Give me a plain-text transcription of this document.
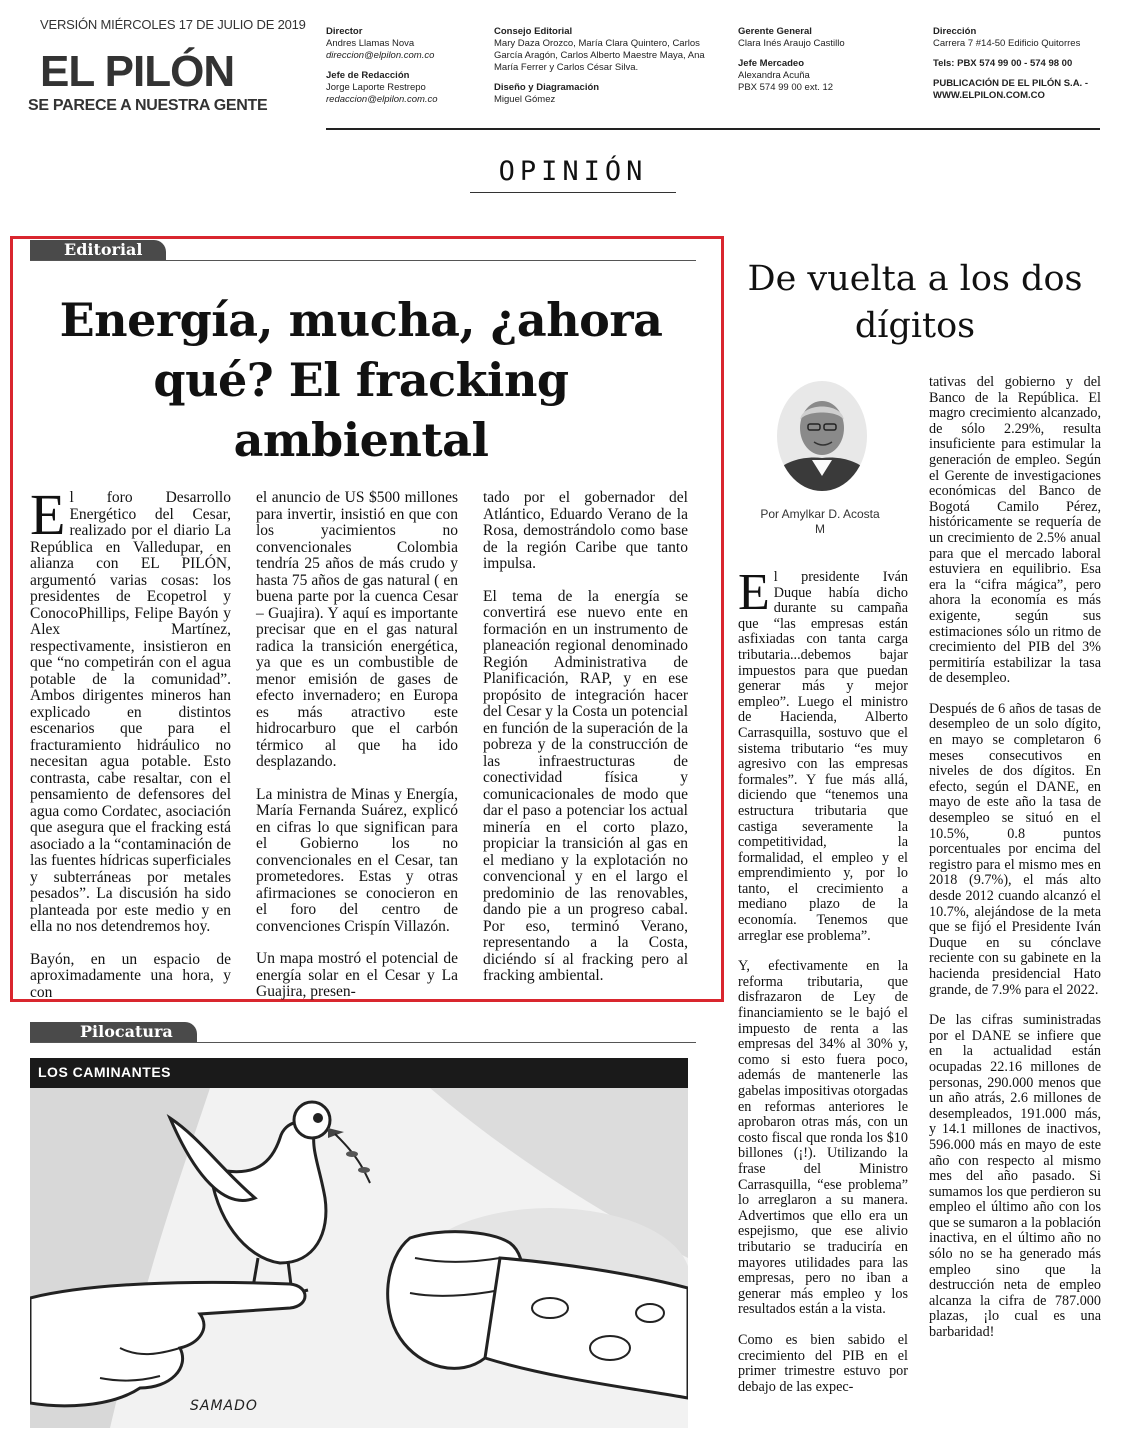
VERSIÓN MIÉRCOLES 17 DE JULIO DE 2019
EL PILÓN
SE PARECE A NUESTRA GENTE
Director
Andres Llamas Nova
direccion@elpilon.com.co
Jefe de Redacción
Jorge Laporte Restrepo
redaccion@elpilon.com.co
Consejo Editorial
Mary Daza Orozco, María Clara Quintero, Carlos García Aragón, Carlos Alberto Maestre Maya, Ana María Ferrer y Carlos César Silva.
Diseño y Diagramación
Miguel Gómez
Gerente General
Clara Inés Araujo Castillo
Jefe Mercadeo
Alexandra Acuña
PBX 574 99 00 ext. 12
Dirección
Carrera 7 #14-50 Edificio Quitorres
Tels: PBX 574 99 00 - 574 98 00
PUBLICACIÓN DE EL PILÓN S.A. - WWW.ELPILON.COM.CO
OPINIÓN
Editorial
Energía, mucha, ¿ahora qué? El fracking ambiental

El foro Desarrollo Energético del Cesar, realizado por el diario La República en Valledupar, en alianza con EL PILÓN, argumentó varias cosas: los presidentes de Ecopetrol y ConocoPhillips, Felipe Bayón y Alex Martínez, respectivamente, insistieron en que “no competirán con el agua potable de la comunidad”. Ambos dirigentes mineros han explicado en distintos escenarios que para el fracturamiento hidráulico no necesitan agua potable. Esto contrasta, cabe resaltar, con el pensamiento de defensores del agua como Cordatec, asociación que asegura que el fracking está asociado a la “contaminación de las fuentes hídricas superficiales y subterráneas por metales pesados”. La discusión ha sido planteada por este medio y en ella no nos detendremos hoy.

Bayón, en un espacio de aproximadamente una hora, y con

el anuncio de US $500 millones para invertir, insistió en que con los yacimientos no convencionales Colombia tendría 25 años de más crudo y hasta 75 años de gas natural ( en buena parte por la cuenca Cesar – Guajira). Y aquí es importante precisar que en el gas natural radica la transición energética, ya que es un combustible de menor emisión de gases de efecto invernadero; en Europa es más atractivo este hidrocarburo que el carbón térmico al que ha ido desplazando.

La ministra de Minas y Energía, María Fernanda Suárez, explicó en cifras lo que significan para el Gobierno los no convencionales en el Cesar, tan prometedores. Estas y otras afirmaciones se conocieron en el foro del centro de convenciones Crispín Villazón.

Un mapa mostró el potencial de energía solar en el Cesar y La Guajira, presen-

tado por el gobernador del Atlántico, Eduardo Verano de la Rosa, demostrándolo como base de la región Caribe que tanto impulsa.

El tema de la energía se convertirá ese nuevo ente en formación en un instrumento de planeación regional denominado Región Administrativa de Planificación, RAP, y en ese propósito de integración hacer del Cesar y la Costa un potencial en función de la superación de la pobreza y de la construcción de las infraestructuras de conectividad física y comunicacionales de modo que dar el paso a potenciar los actual minería en el corto plazo, propiciar la transición al gas en el mediano y la explotación no convencional y en el largo el predominio de las renovables, dando pie a un progreso cabal. Por eso, terminó Verano, representando a la Costa, diciéndo sí al fracking pero al fracking ambiental.

Pilocatura
LOS CAMINANTES
SAMADO
De vuelta a los dos dígitos
Por Amylkar D. Acosta M

El presidente Iván Duque había dicho durante su campaña que “las empresas están asfixiadas con tanta carga tributaria...debemos bajar impuestos para que puedan generar más y mejor empleo”. Luego el ministro de Hacienda, Alberto Carrasquilla, sostuvo que el sistema tributario “es muy agresivo con las empresas formales”. Y fue más allá, diciendo que “tenemos una estructura tributaria que castiga severamente la competitividad, la formalidad, el empleo y el emprendimiento y, por lo tanto, el crecimiento a mediano plazo de la economía. Tenemos que arreglar ese problema”.

Y, efectivamente en la reforma tributaria, que disfrazaron de Ley de financiamiento se le bajó el impuesto de renta a las empresas del 34% al 30% y, como si esto fuera poco, además de mantenerle las gabelas impositivas otorgadas en reformas anteriores le aprobaron otras más, con un costo fiscal que ronda los $10 billones (¡!). Utilizando la frase del Ministro Carrasquilla, “ese problema” lo arreglaron a su manera. Advertimos que ello era un espejismo, que ese alivio tributario se traduciría en mayores utilidades para las empresas, pero no iban a generar más empleo y los resultados están a la vista.

Como es bien sabido el crecimiento del PIB en el primer trimestre estuvo por debajo de las expec-

tativas del gobierno y del Banco de la República. El magro crecimiento alcanzado, de sólo 2.29%, resulta insuficiente para estimular la generación de empleo. Según el Gerente de investigaciones económicas del Banco de Bogotá Camilo Pérez, históricamente se requería de un crecimiento de 2.5% anual para que el mercado laboral estuviera en equilibrio. Esa era la “cifra mágica”, pero ahora la economía es más exigente, según sus estimaciones sólo un ritmo de crecimiento del PIB del 3% permitiría estabilizar la tasa de desempleo.

Después de 6 años de tasas de desempleo de un solo dígito, en mayo se completaron 6 meses consecutivos en niveles de dos dígitos. En efecto, según el DANE, en mayo de este año la tasa de desempleo se situó en el 10.5%, 0.8 puntos porcentuales por encima del registro para el mismo mes en 2018 (9.7%), el más alto desde 2012 cuando alcanzó el 10.7%, alejándose de la meta que se fijó el Presidente Iván Duque en su cónclave reciente con su gabinete en la hacienda presidencial Hato grande, de 7.9% para el 2022.

De las cifras suministradas por el DANE se infiere que en la actualidad están ocupadas 22.16 millones de personas, 290.000 menos que un año atrás, 2.6 millones de desempleados, 191.000 más, y 14.1 millones de inactivos, 596.000 más en mayo de este año con respecto al mismo mes del año pasado. Si sumamos los que perdieron su empleo el último año con los que se sumaron a la población inactiva, en el último año no sólo no se ha generado más empleo sino que la destrucción neta de empleo alcanza la cifra de 787.000 plazas, ¡lo cual es una barbaridad!
